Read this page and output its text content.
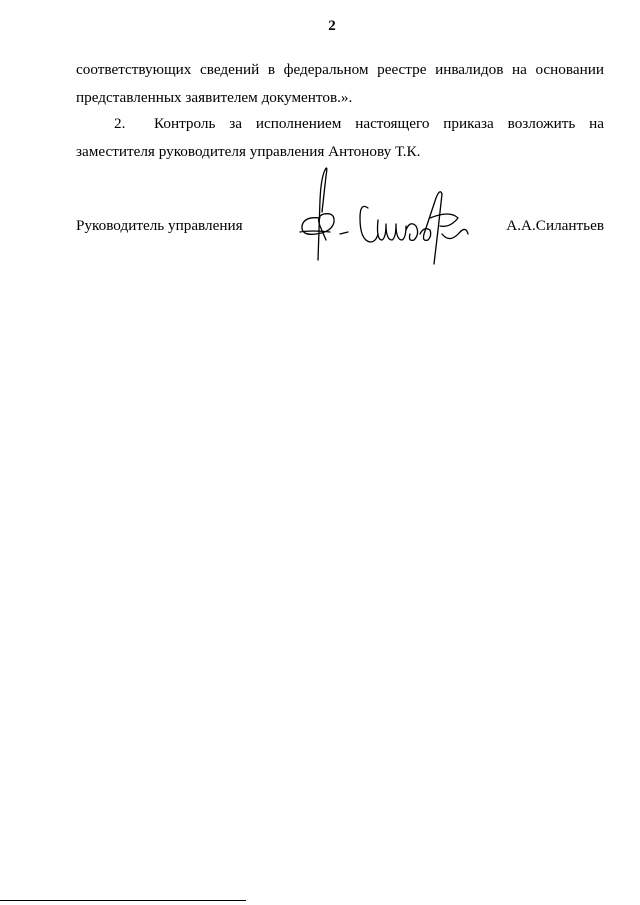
2
соответствующих сведений в федеральном реестре инвалидов на основании
представленных заявителем документов.».
2.	Контроль за исполнением настоящего приказа возложить на
заместителя руководителя управления Антонову Т.К.
Руководитель управления	А.А.Силантьев
